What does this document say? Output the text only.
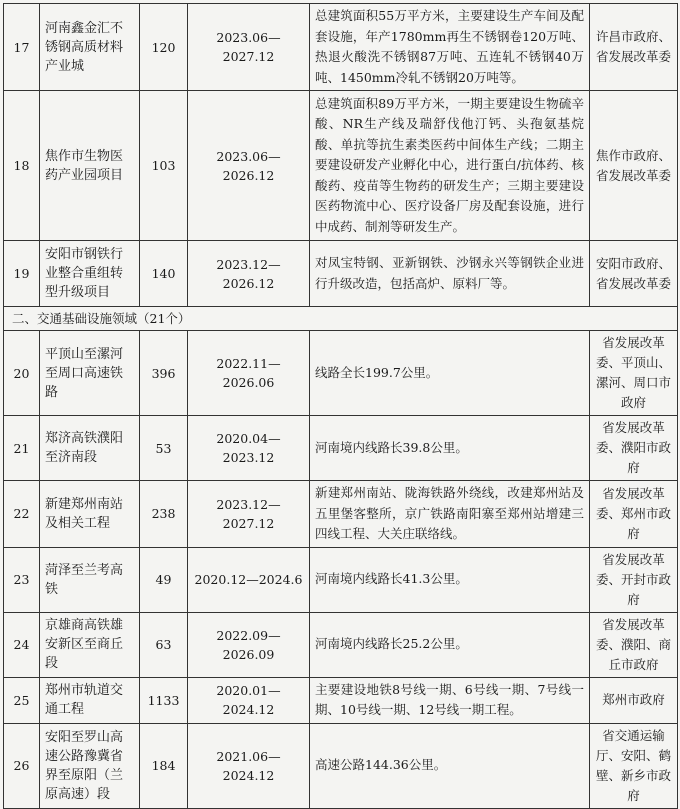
17	河南鑫金汇不锈钢高质材料产业城	120	2023.06—2027.12	总建筑面积55万平方米，主要建设生产车间及配套设施，年产1780mm再生不锈钢卷120万吨、热退火酸洗不锈钢87万吨、五连轧不锈钢40万吨、1450mm冷轧不锈钢20万吨等。	许昌市政府、省发展改革委
18	焦作市生物医药产业园项目	103	2023.06—2026.12	总建筑面积89万平方米，一期主要建设生物硫辛酸、NR生产线及瑞舒伐他汀钙、头孢氨基烷酸、单抗等抗生素类医药中间体生产线；二期主要建设研发产业孵化中心，进行蛋白/抗体药、核酸药、疫苗等生物药的研发生产；三期主要建设医药物流中心、医疗设备厂房及配套设施，进行中成药、制剂等研发生产。	焦作市政府、省发展改革委
19	安阳市钢铁行业整合重组转型升级项目	140	2023.12—2026.12	对凤宝特钢、亚新钢铁、沙钢永兴等钢铁企业进行升级改造，包括高炉、原料厂等。	安阳市政府、省发展改革委
二、交通基础设施领域（21个）					
20	平顶山至漯河至周口高速铁路	396	2022.11—2026.06	线路全长199.7公里。	省发展改革委、平顶山、漯河、周口市政府
21	郑济高铁濮阳至济南段	53	2020.04—2023.12	河南境内线路长39.8公里。	省发展改革委、濮阳市政府
22	新建郑州南站及相关工程	238	2023.12—2027.12	新建郑州南站、陇海铁路外绕线，改建郑州站及五里堡客整所，京广铁路南阳寨至郑州站增建三四线工程、大关庄联络线。	省发展改革委、郑州市政府
23	菏泽至兰考高铁	49	2020.12—2024.6	河南境内线路长41.3公里。	省发展改革委、开封市政府
24	京雄商高铁雄安新区至商丘段	63	2022.09—2026.09	河南境内线路长25.2公里。	省发展改革委、濮阳、商丘市政府
25	郑州市轨道交通工程	1133	2020.01—2024.12	主要建设地铁8号线一期、6号线一期、7号线一期、10号线一期、12号线一期工程。	郑州市政府
26	安阳至罗山高速公路豫冀省界至原阳（兰原高速）段	184	2021.06—2024.12	高速公路144.36公里。	省交通运输厅、安阳、鹤壁、新乡市政府
